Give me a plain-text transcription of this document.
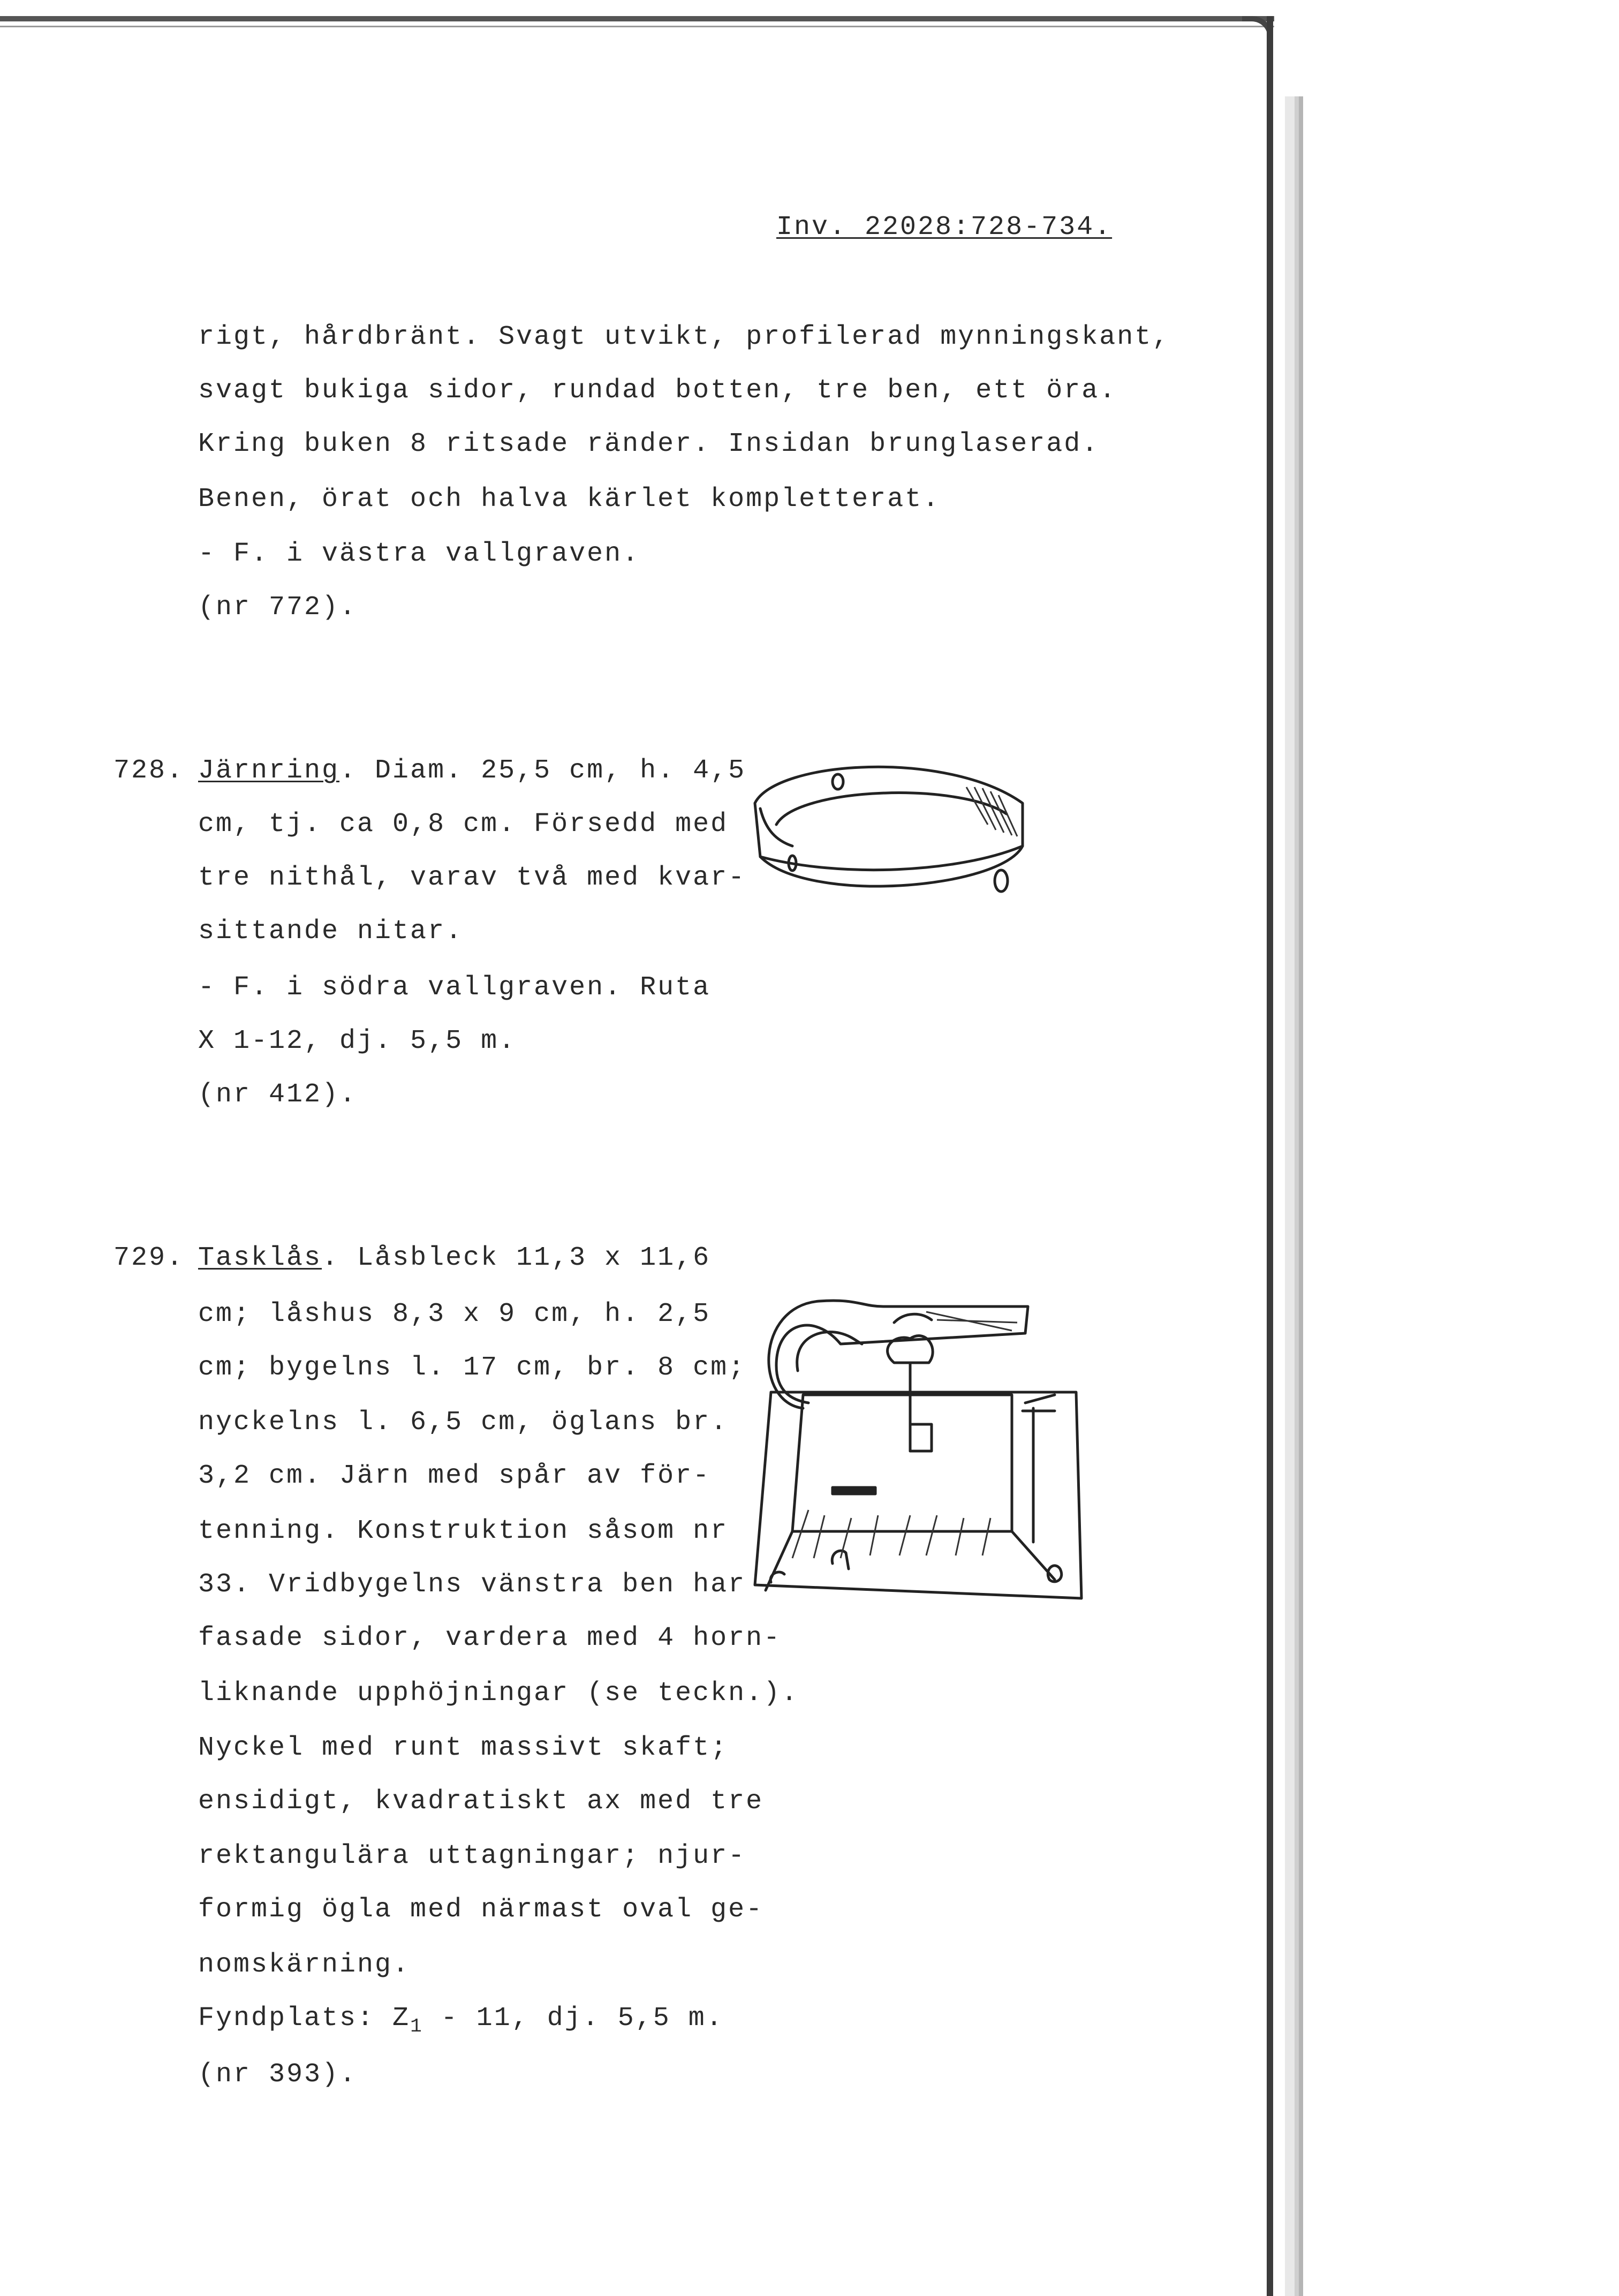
Inv. 22028:728-734.
rigt, hårdbränt. Svagt utvikt, profilerad mynningskant,
svagt bukiga sidor, rundad botten, tre ben, ett öra.
Kring buken 8 ritsade ränder. Insidan brunglaserad.
Benen, örat och halva kärlet kompletterat.
- F. i västra vallgraven.
(nr 772).
728. Järnring. Diam. 25,5 cm, h. 4,5
cm, tj. ca 0,8 cm. Försedd med
tre nithål, varav två med kvar-
sittande nitar.
- F. i södra vallgraven. Ruta
X 1-12, dj. 5,5 m.
(nr 412).
729. Tasklås. Låsbleck 11,3 x 11,6
cm; låshus 8,3 x 9 cm, h. 2,5
cm; bygelns l. 17 cm, br. 8 cm;
nyckelns l. 6,5 cm, öglans br.
3,2 cm. Järn med spår av för-
tenning. Konstruktion såsom nr
33. Vridbygelns vänstra ben har
fasade sidor, vardera med 4 horn-
liknande upphöjningar (se teckn.).
Nyckel med runt massivt skaft;
ensidigt, kvadratiskt ax med tre
rektangulära uttagningar; njur-
formig ögla med närmast oval ge-
nomskärning.
Fyndplats: $Z_1 - 11$, dj. 5,5 m.
(nr 393).
